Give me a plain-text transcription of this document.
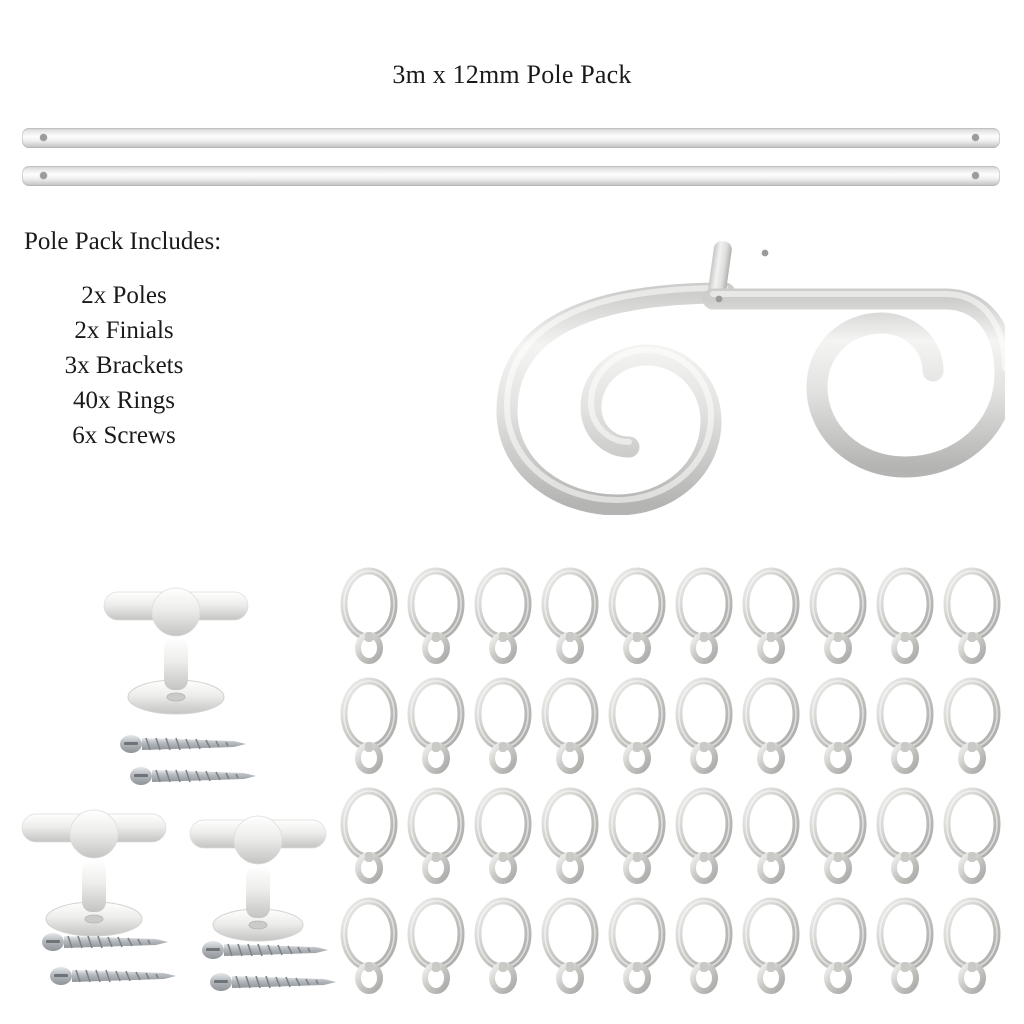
3m x 12mm Pole Pack
Pole Pack Includes:
2x Poles
2x Finials
3x Brackets
40x Rings
6x Screws
